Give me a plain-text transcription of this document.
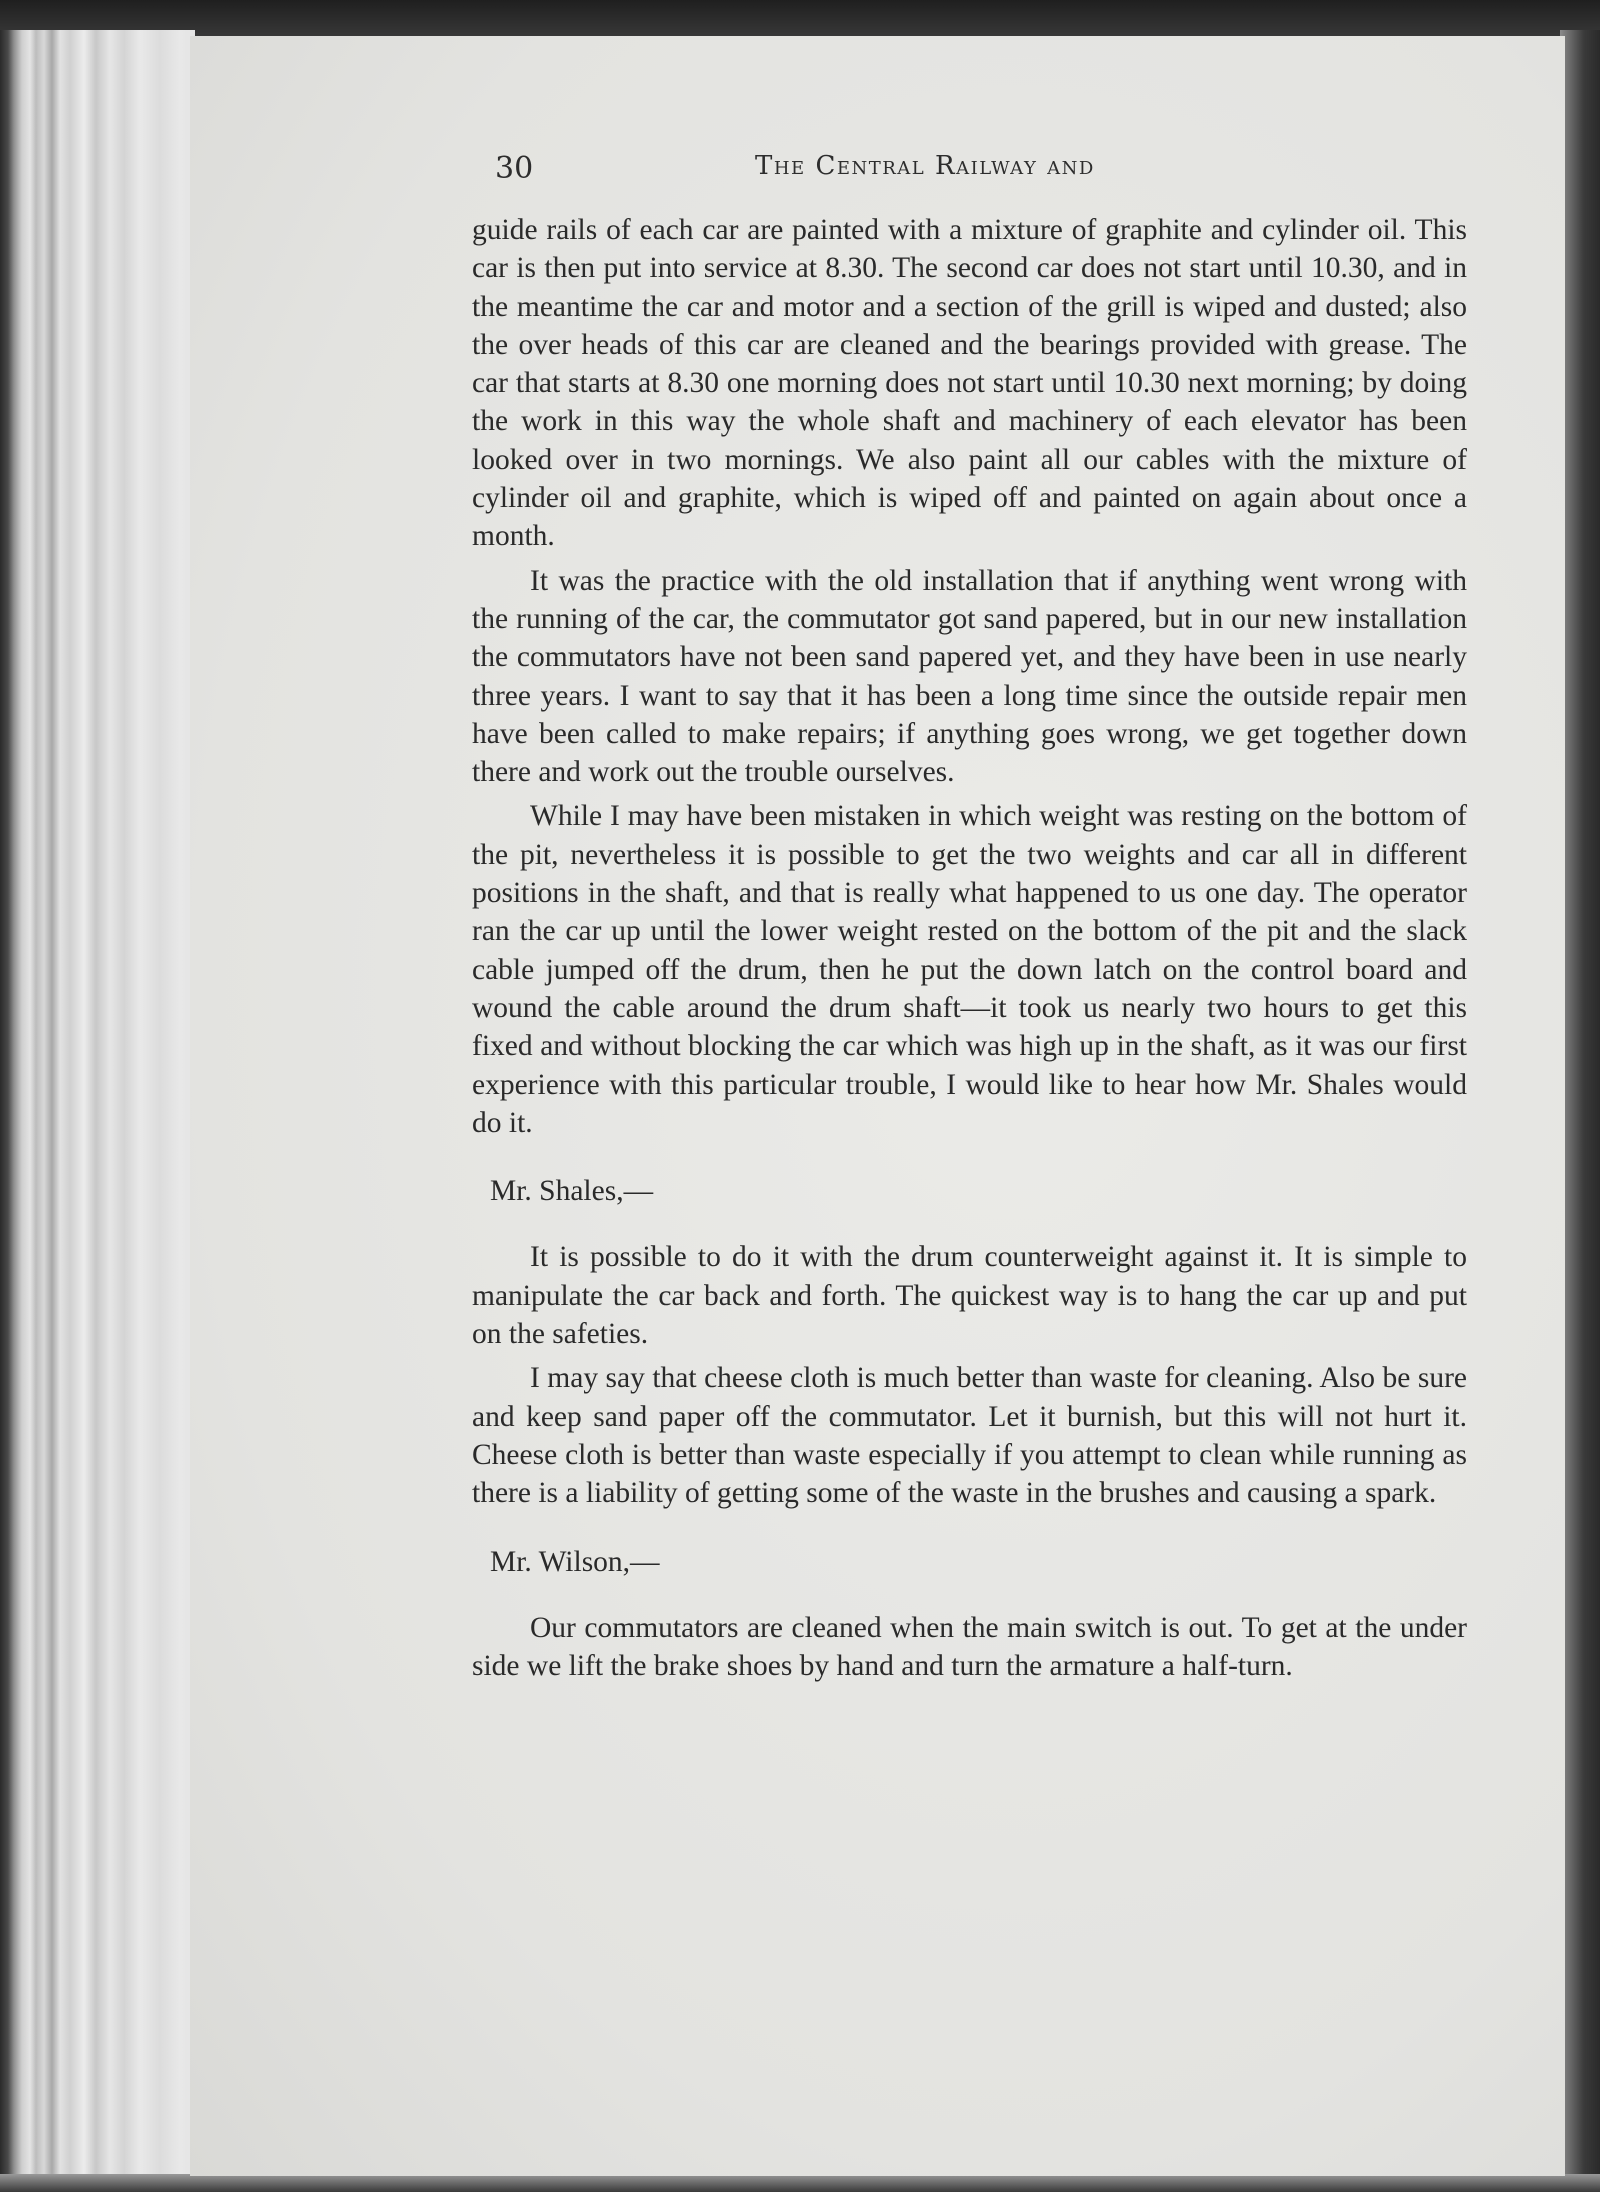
30	The Central Railway and

guide rails of each car are painted with a mixture of graphite and cylinder oil. This car is then put into service at 8.30. The second car does not start until 10.30, and in the meantime the car and motor and a section of the grill is wiped and dusted; also the over heads of this car are cleaned and the bearings provided with grease. The car that starts at 8.30 one morning does not start until 10.30 next morning; by doing the work in this way the whole shaft and machinery of each elevator has been looked over in two mornings. We also paint all our cables with the mixture of cylinder oil and graphite, which is wiped off and painted on again about once a month.

It was the practice with the old installation that if anything went wrong with the running of the car, the commutator got sand papered, but in our new installation the commutators have not been sand papered yet, and they have been in use nearly three years. I want to say that it has been a long time since the outside repair men have been called to make repairs; if anything goes wrong, we get together down there and work out the trouble ourselves.

While I may have been mistaken in which weight was resting on the bottom of the pit, nevertheless it is possible to get the two weights and car all in different positions in the shaft, and that is really what happened to us one day. The operator ran the car up until the lower weight rested on the bottom of the pit and the slack cable jumped off the drum, then he put the down latch on the control board and wound the cable around the drum shaft—it took us nearly two hours to get this fixed and without blocking the car which was high up in the shaft, as it was our first experience with this particular trouble, I would like to hear how Mr. Shales would do it.

Mr. Shales,—

It is possible to do it with the drum counterweight against it. It is simple to manipulate the car back and forth. The quickest way is to hang the car up and put on the safeties.

I may say that cheese cloth is much better than waste for cleaning. Also be sure and keep sand paper off the commutator. Let it burnish, but this will not hurt it. Cheese cloth is better than waste especially if you attempt to clean while running as there is a liability of getting some of the waste in the brushes and causing a spark.

Mr. Wilson,—

Our commutators are cleaned when the main switch is out. To get at the under side we lift the brake shoes by hand and turn the armature a half-turn.
